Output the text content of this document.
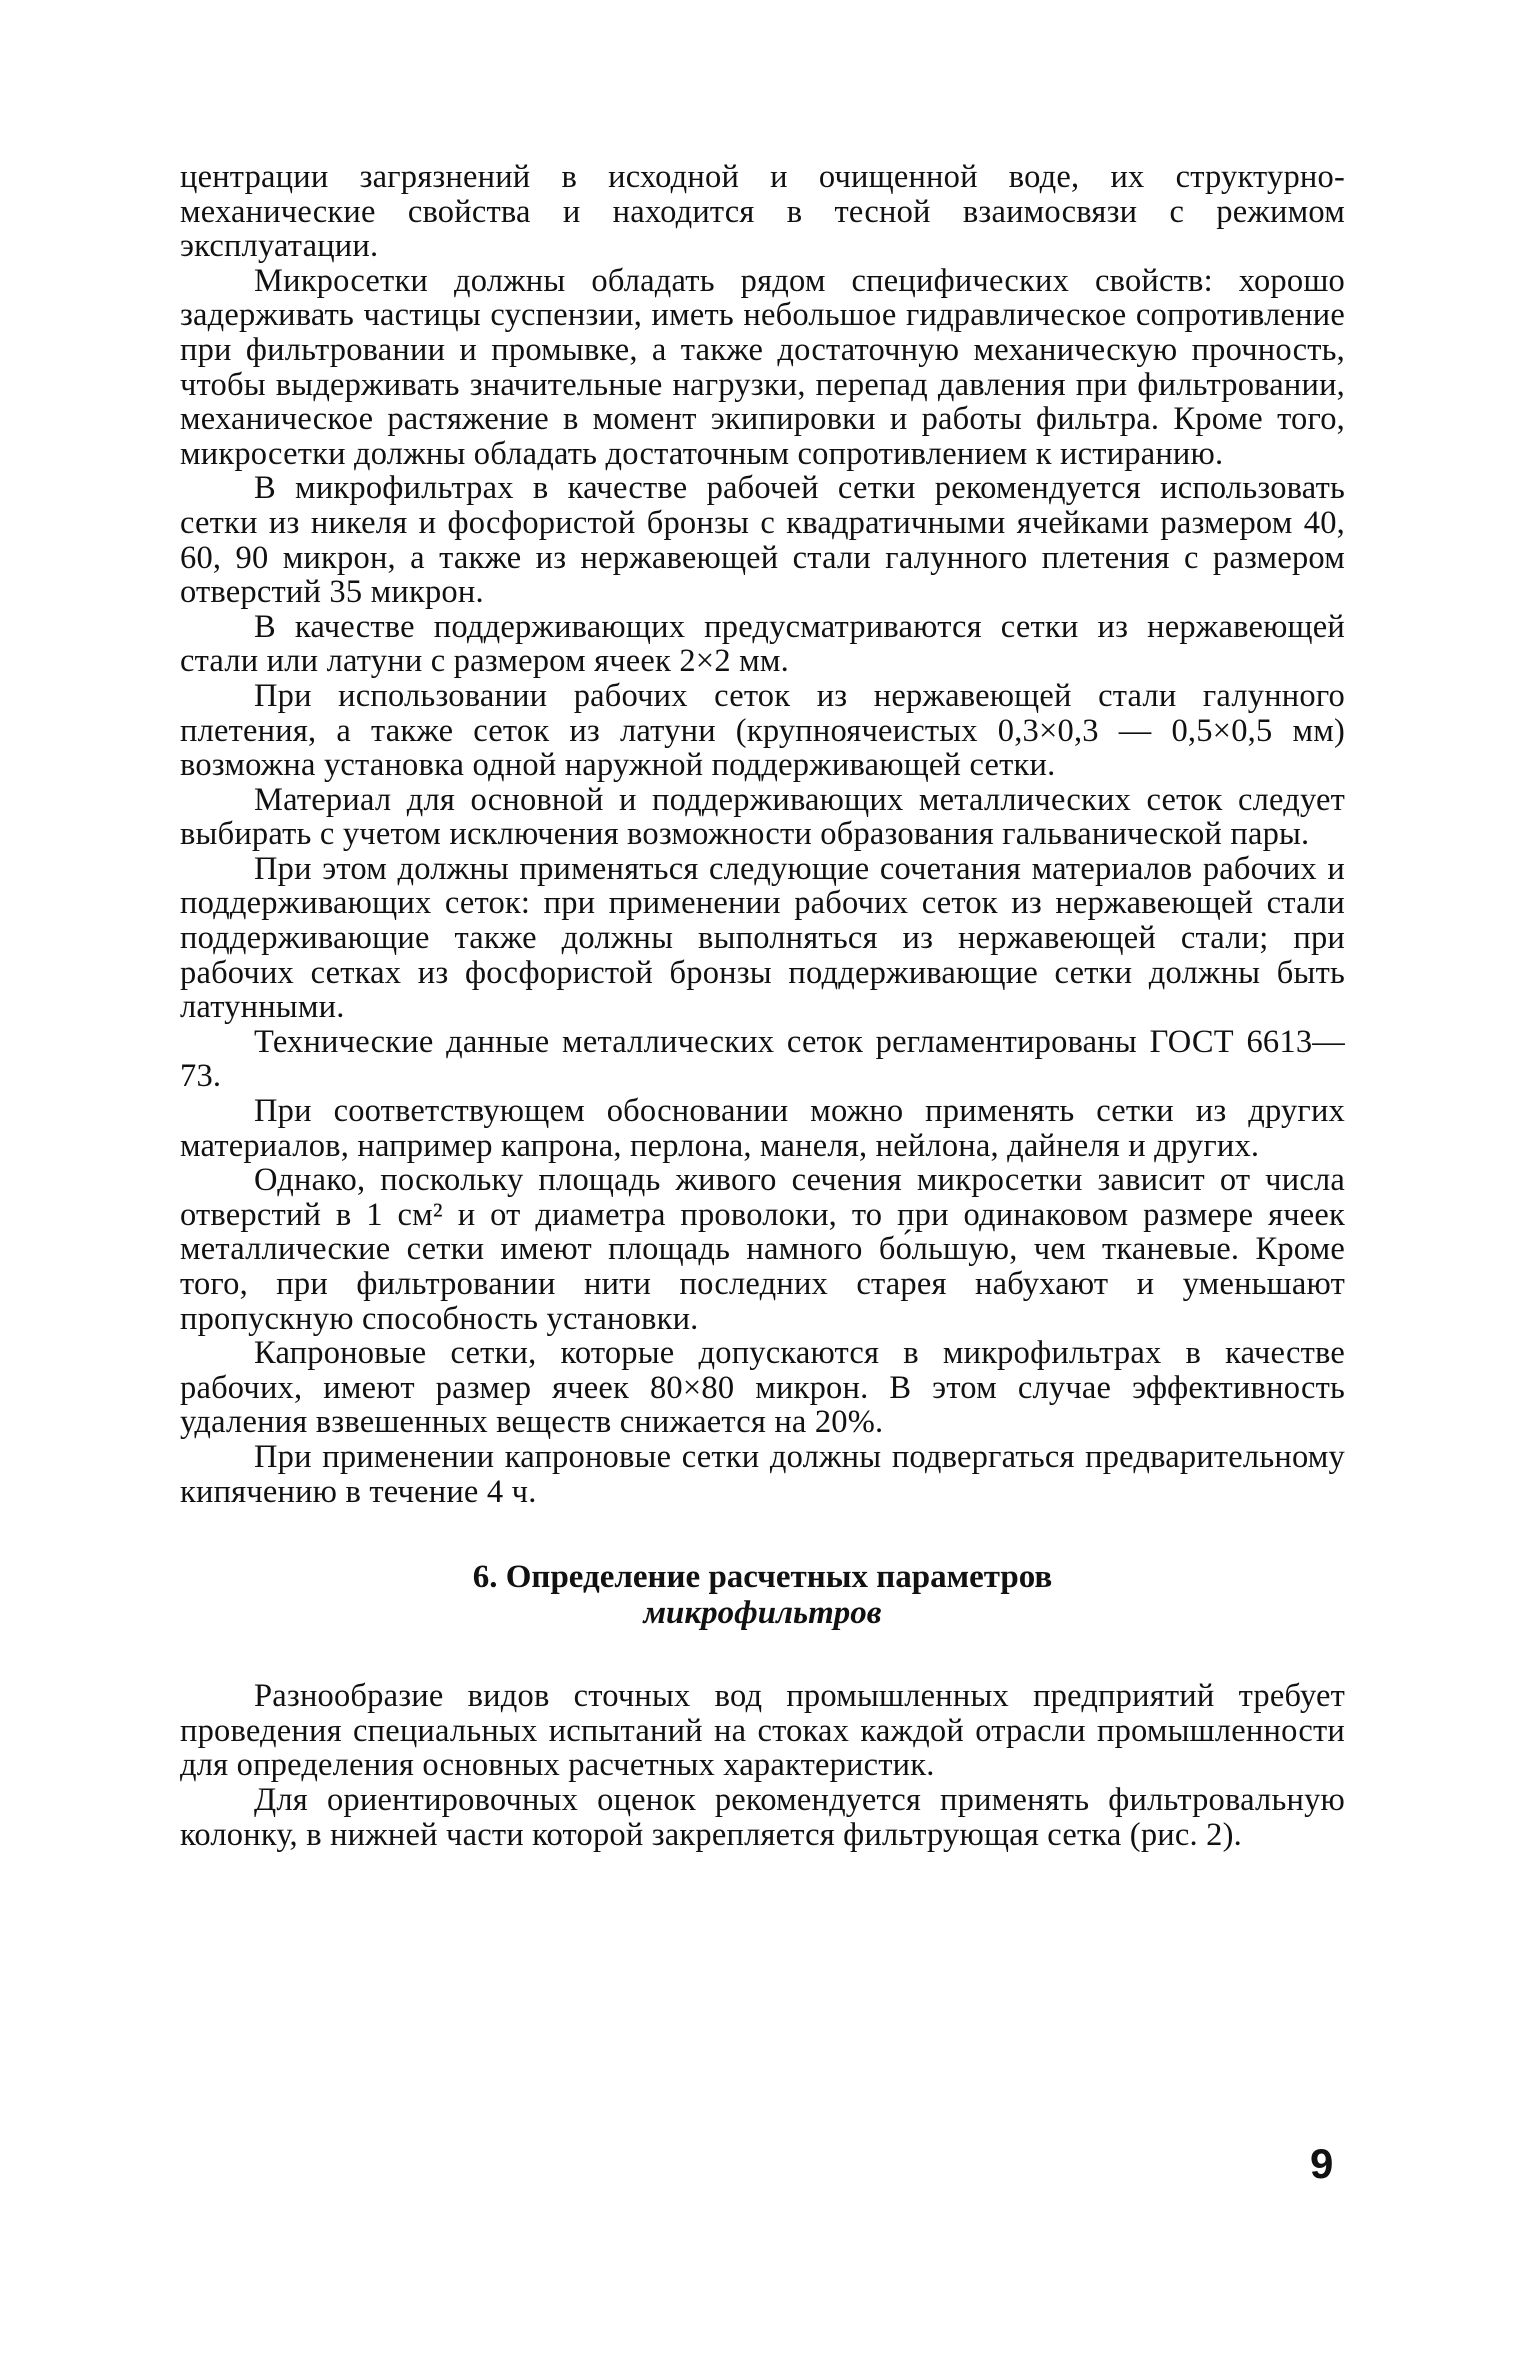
центрации загрязнений в исходной и очищенной воде, их структурно-механические свойства и находится в тесной взаимосвязи с режимом эксплуатации.

Микросетки должны обладать рядом специфических свойств: хорошо задерживать частицы суспензии, иметь небольшое гидравлическое сопротивление при фильтровании и промывке, а также достаточную механическую прочность, чтобы выдерживать значительные нагрузки, перепад давления при фильтровании, механическое растяжение в момент экипировки и работы фильтра. Кроме того, микросетки должны обладать достаточным сопротивлением к истиранию.

В микрофильтрах в качестве рабочей сетки рекомендуется использовать сетки из никеля и фосфористой бронзы с квадратичными ячейками размером 40, 60, 90 микрон, а также из нержавеющей стали галунного плетения с размером отверстий 35 микрон.

В качестве поддерживающих предусматриваются сетки из нержавеющей стали или латуни с размером ячеек 2×2 мм.

При использовании рабочих сеток из нержавеющей стали галунного плетения, а также сеток из латуни (крупноячеистых 0,3×0,3 — 0,5×0,5 мм) возможна установка одной наружной поддерживающей сетки.

Материал для основной и поддерживающих металлических сеток следует выбирать с учетом исключения возможности образования гальванической пары.

При этом должны применяться следующие сочетания материалов рабочих и поддерживающих сеток: при применении рабочих сеток из нержавеющей стали поддерживающие также должны выполняться из нержавеющей стали; при рабочих сетках из фосфористой бронзы поддерживающие сетки должны быть латунными.

Технические данные металлических сеток регламентированы ГОСТ 6613—73.

При соответствующем обосновании можно применять сетки из других материалов, например капрона, перлона, манеля, нейлона, дайнеля и других.

Однако, поскольку площадь живого сечения микросетки зависит от числа отверстий в 1 см² и от диаметра проволоки, то при одинаковом размере ячеек металлические сетки имеют площадь намного бо́льшую, чем тканевые. Кроме того, при фильтровании нити последних старея набухают и уменьшают пропускную способность установки.

Капроновые сетки, которые допускаются в микрофильтрах в качестве рабочих, имеют размер ячеек 80×80 микрон. В этом случае эффективность удаления взвешенных веществ снижается на 20%.

При применении капроновые сетки должны подвергаться предварительному кипячению в течение 4 ч.

6. Определение расчетных параметров
микрофильтров

Разнообразие видов сточных вод промышленных предприятий требует проведения специальных испытаний на стоках каждой отрасли промышленности для определения основных расчетных характеристик.

Для ориентировочных оценок рекомендуется применять фильтровальную колонку, в нижней части которой закрепляется фильтрующая сетка (рис. 2).

9
